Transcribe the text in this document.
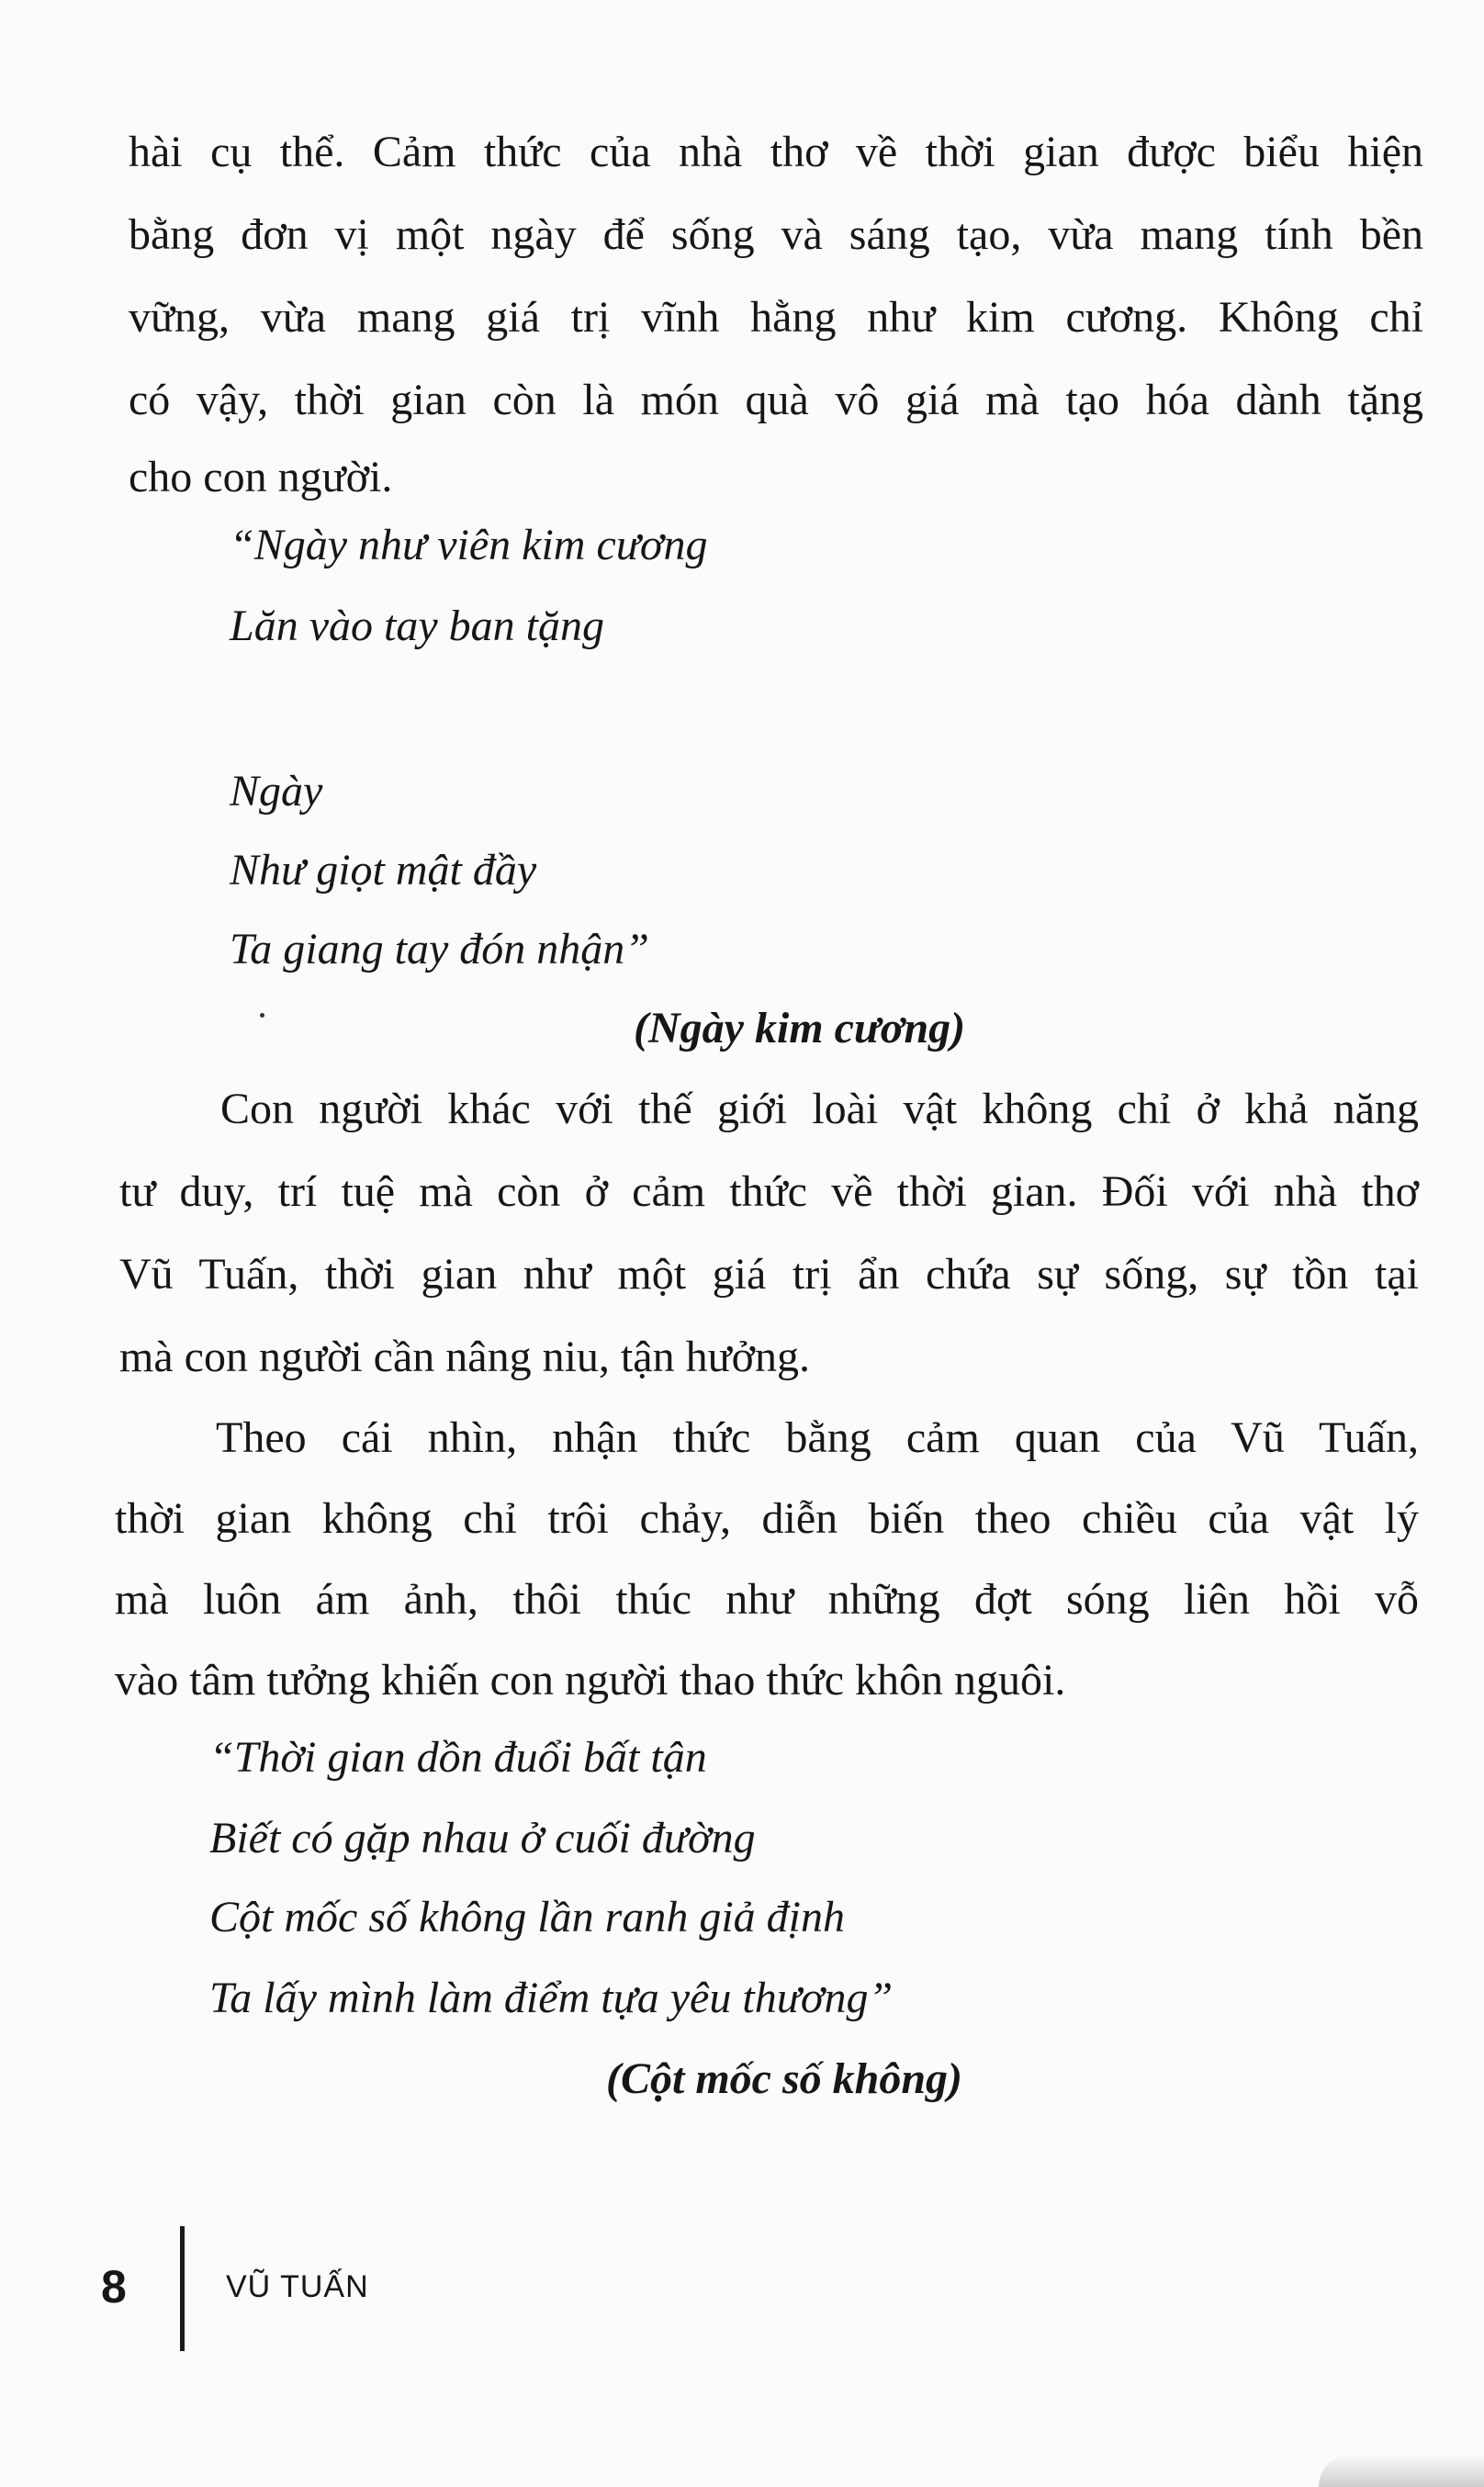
hài cụ thể. Cảm thức của nhà thơ về thời gian được biểu hiện
bằng đơn vị một ngày để sống và sáng tạo, vừa mang tính bền
vững, vừa mang giá trị vĩnh hằng như kim cương. Không chỉ
có vậy, thời gian còn là món quà vô giá mà tạo hóa dành tặng
cho con người.
“Ngày như viên kim cương
Lăn vào tay ban tặng
Ngày
Như giọt mật đầy
Ta giang tay đón nhận”
(Ngày kim cương)
Con người khác với thế giới loài vật không chỉ ở khả năng
tư duy, trí tuệ mà còn ở cảm thức về thời gian. Đối với nhà thơ
Vũ Tuấn, thời gian như một giá trị ẩn chứa sự sống, sự tồn tại
mà con người cần nâng niu, tận hưởng.
Theo cái nhìn, nhận thức bằng cảm quan của Vũ Tuấn,
thời gian không chỉ trôi chảy, diễn biến theo chiều của vật lý
mà luôn ám ảnh, thôi thúc như những đợt sóng liên hồi vỗ
vào tâm tưởng khiến con người thao thức khôn nguôi.
“Thời gian dồn đuổi bất tận
Biết có gặp nhau ở cuối đường
Cột mốc số không lần ranh giả định
Ta lấy mình làm điểm tựa yêu thương”
(Cột mốc số không)
8	VŨ TUẤN
